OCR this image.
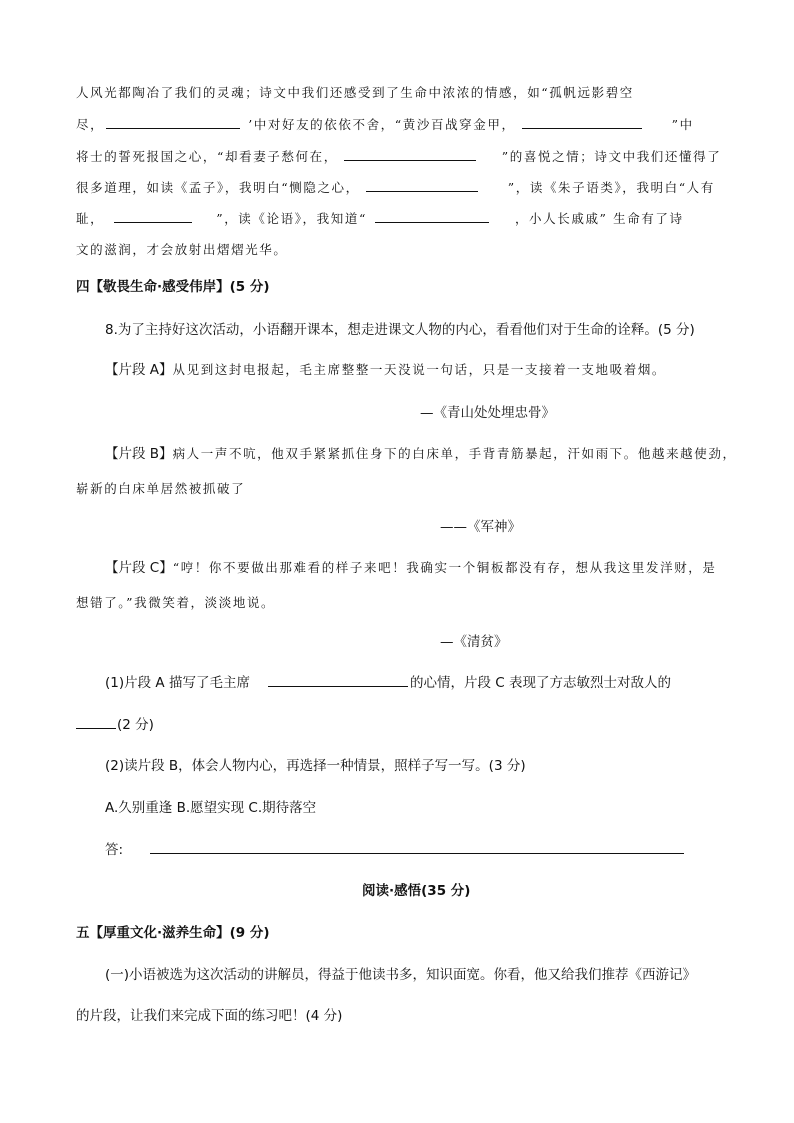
人风光都陶冶了我们的灵魂；诗文中我们还感受到了生命中浓浓的情感，如“孤帆远影碧空
尽，	’中对好友的依依不舍，“黄沙百战穿金甲，	”中
将士的誓死报国之心，“却看妻子愁何在，	”的喜悦之情；诗文中我们还懂得了
很多道理，如读《孟子》，我明白“恻隐之心，	”，读《朱子语类》，我明白“人有
耻，	”，读《论语》，我知道“	，小人长戚戚” 生命有了诗
文的滋润，才会放射出熠熠光华。
四【敬畏生命·感受伟岸】(5 分)
8.为了主持好这次活动，小语翻开课本，想走进课文人物的内心，看看他们对于生命的诠释。(5 分)
【片段 A】从见到这封电报起，毛主席整整一天没说一句话，只是一支接着一支地吸着烟。
—《青山处处埋忠骨》
【片段 B】病人一声不吭，他双手紧紧抓住身下的白床单，手背青筋暴起，汗如雨下。他越来越使劲，
崭新的白床单居然被抓破了
——《军神》
【片段 C】“哼！你不要做出那难看的样子来吧！我确实一个铜板都没有存，想从我这里发洋财，是
想错了。”我微笑着，淡淡地说。
—《清贫》
(1)片段 A 描写了毛主席	的心情，片段 C 表现了方志敏烈士对敌人的
(2 分)
(2)读片段 B，体会人物内心，再选择一种情景，照样子写一写。(3 分)
A.久别重逢 B.愿望实现 C.期待落空
答:
阅读·感悟(35 分)
五【厚重文化·滋养生命】(9 分)
(一)小语被选为这次活动的讲解员，得益于他读书多，知识面宽。你看，他又给我们推荐《西游记》
的片段，让我们来完成下面的练习吧！(4 分)
